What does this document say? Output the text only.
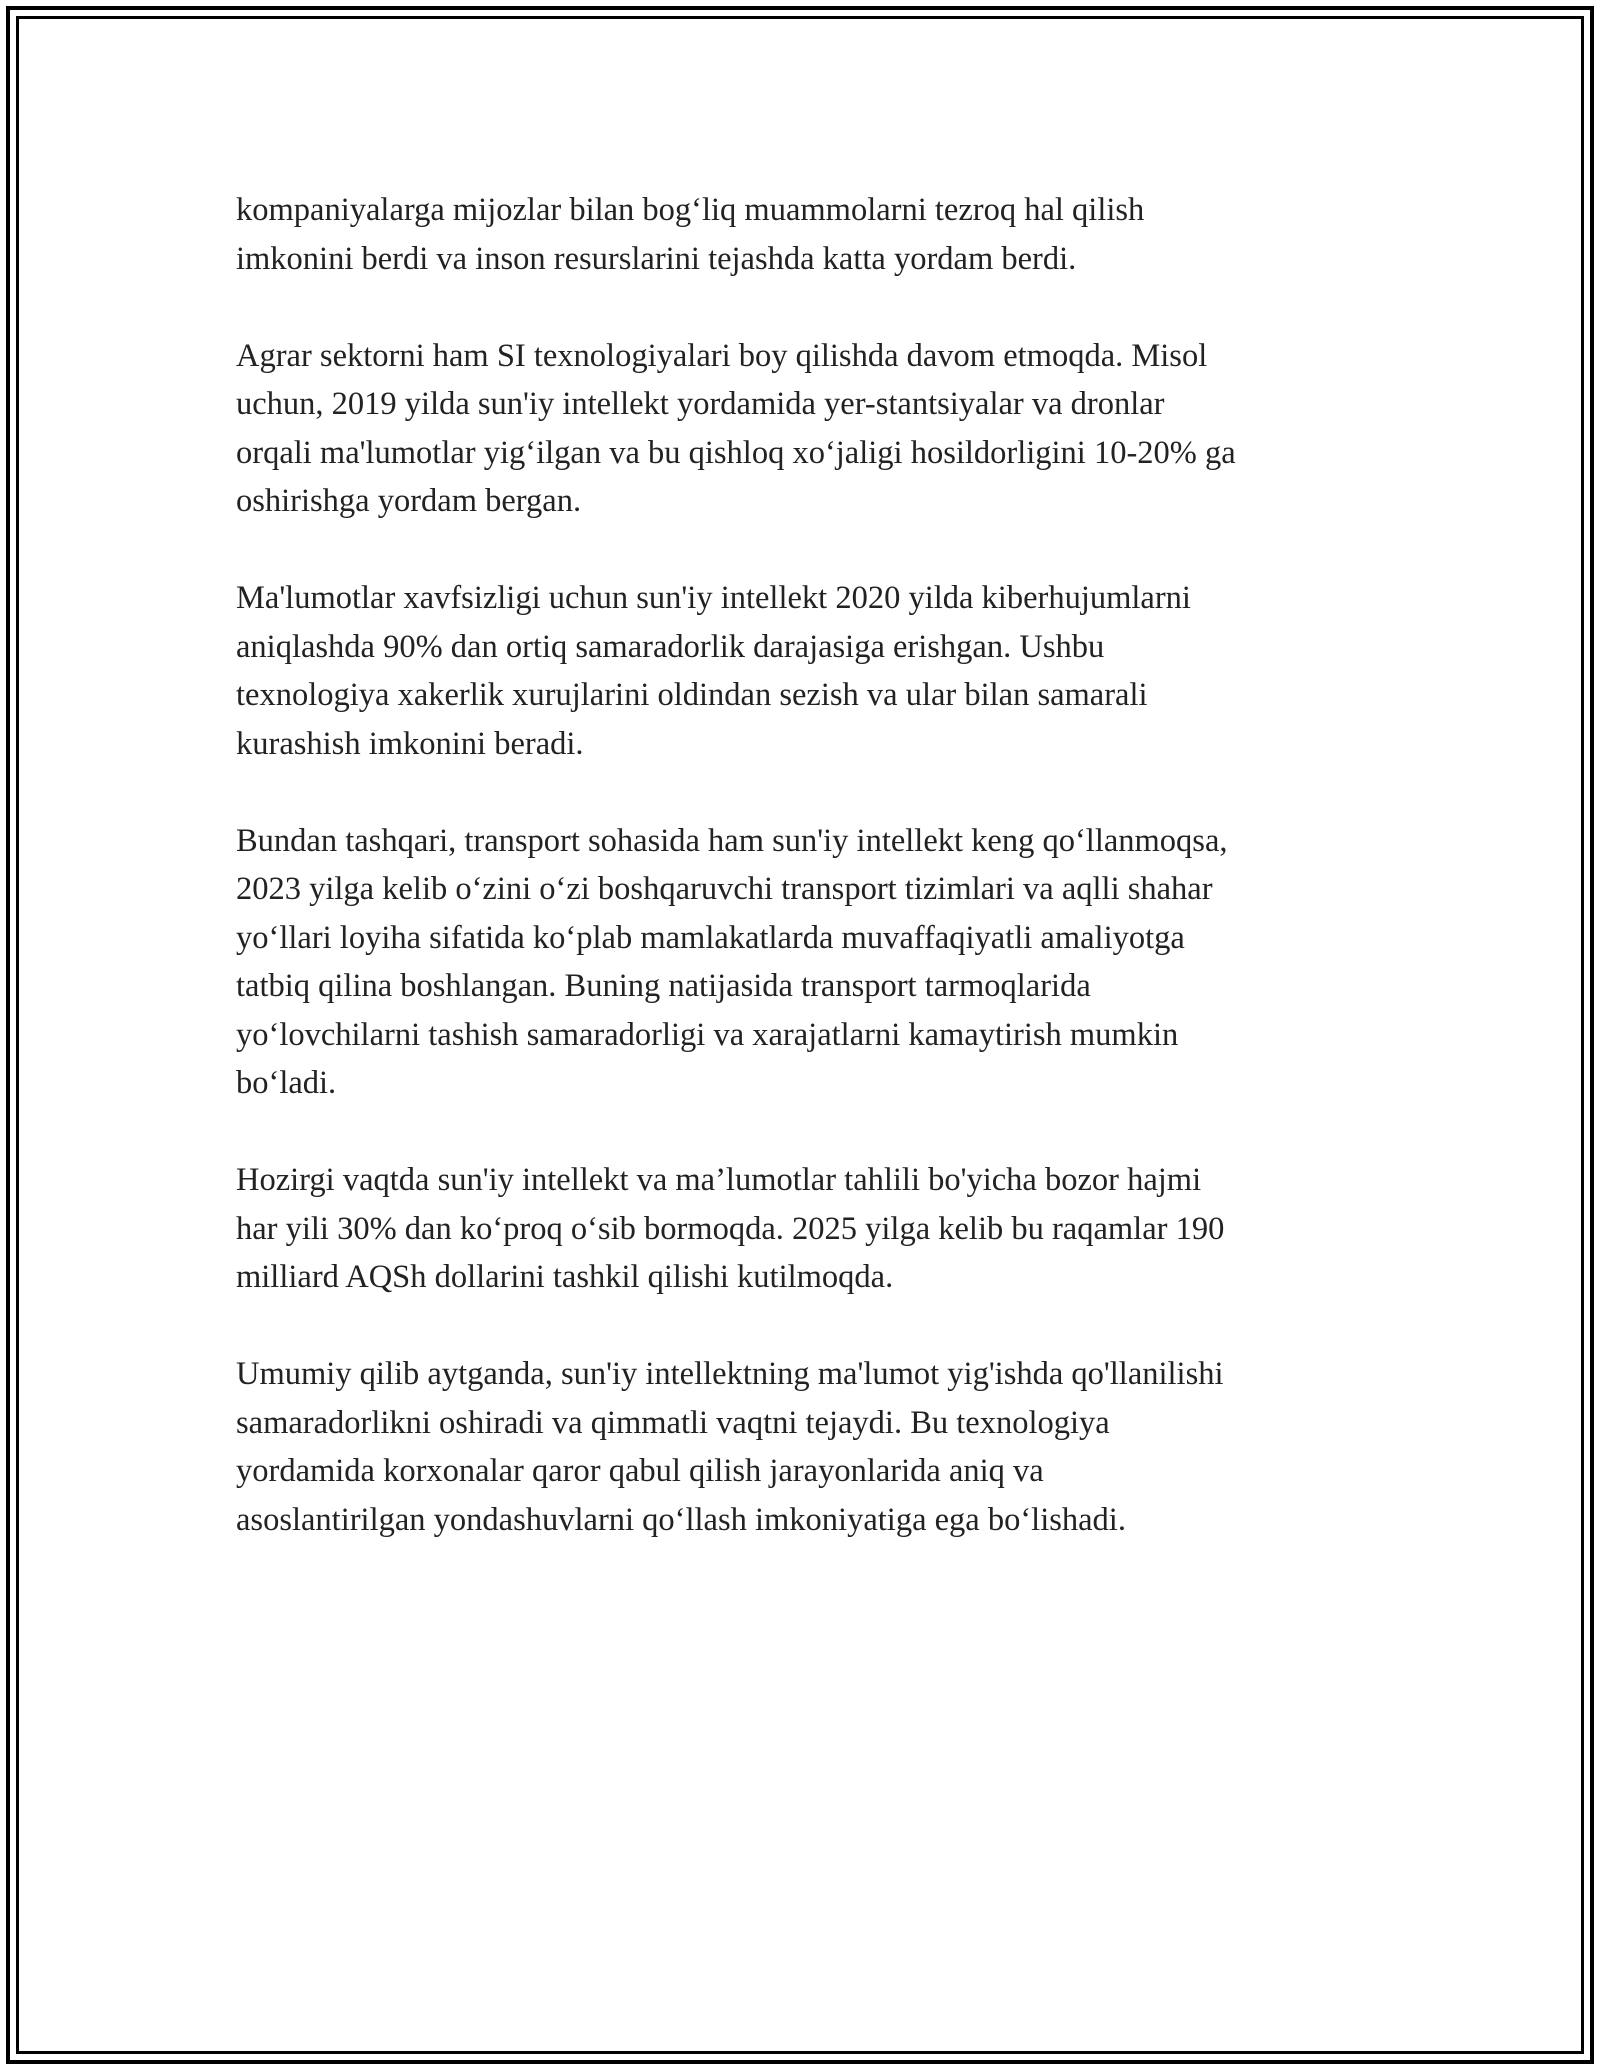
kompaniyalarga mijozlar bilan bog‘liq muammolarni tezroq hal qilish
imkonini berdi va inson resurslarini tejashda katta yordam berdi.

Agrar sektorni ham SI texnologiyalari boy qilishda davom etmoqda. Misol
uchun, 2019 yilda sun'iy intellekt yordamida yer-stantsiyalar va dronlar
orqali ma'lumotlar yig‘ilgan va bu qishloq xo‘jaligi hosildorligini 10-20% ga
oshirishga yordam bergan.

Ma'lumotlar xavfsizligi uchun sun'iy intellekt 2020 yilda kiberhujumlarni
aniqlashda 90% dan ortiq samaradorlik darajasiga erishgan. Ushbu
texnologiya xakerlik xurujlarini oldindan sezish va ular bilan samarali
kurashish imkonini beradi.

Bundan tashqari, transport sohasida ham sun'iy intellekt keng qo‘llanmoqsa,
2023 yilga kelib o‘zini o‘zi boshqaruvchi transport tizimlari va aqlli shahar
yo‘llari loyiha sifatida ko‘plab mamlakatlarda muvaffaqiyatli amaliyotga
tatbiq qilina boshlangan. Buning natijasida transport tarmoqlarida
yo‘lovchilarni tashish samaradorligi va xarajatlarni kamaytirish mumkin
bo‘ladi.

Hozirgi vaqtda sun'iy intellekt va ma’lumotlar tahlili bo'yicha bozor hajmi
har yili 30% dan ko‘proq o‘sib bormoqda. 2025 yilga kelib bu raqamlar 190
milliard AQSh dollarini tashkil qilishi kutilmoqda.

Umumiy qilib aytganda, sun'iy intellektning ma'lumot yig'ishda qo'llanilishi
samaradorlikni oshiradi va qimmatli vaqtni tejaydi. Bu texnologiya
yordamida korxonalar qaror qabul qilish jarayonlarida aniq va
asoslantirilgan yondashuvlarni qo‘llash imkoniyatiga ega bo‘lishadi.
